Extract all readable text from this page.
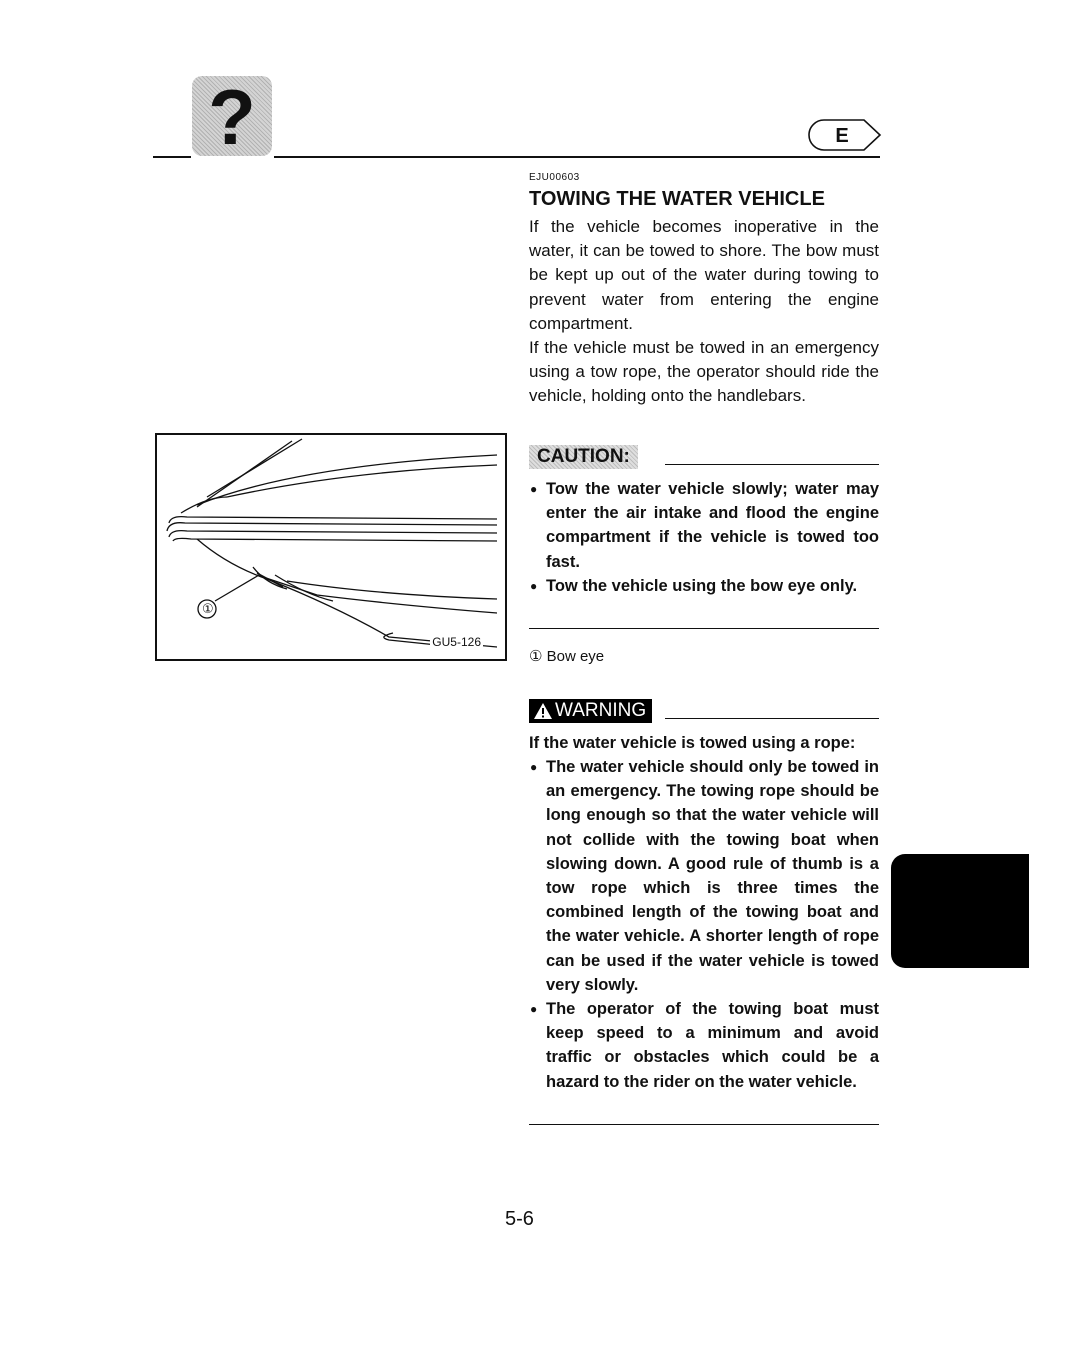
?	E
①
GU5-126
EJU00603
TOWING THE WATER VEHICLE

If the vehicle becomes inoperative in the water, it can be towed to shore. The bow must be kept up out of the water during towing to prevent water from entering the engine compartment.

If the vehicle must be towed in an emergency using a tow rope, the operator should ride the vehicle, holding onto the handlebars.

CAUTION:
● Tow the water vehicle slowly; water may enter the air intake and flood the engine compartment if the vehicle is towed too fast.
● Tow the vehicle using the bow eye only.
① Bow eye
WARNING

If the water vehicle is towed using a rope:

● The water vehicle should only be towed in an emergency. The towing rope should be long enough so that the water vehicle will not collide with the towing boat when slowing down. A good rule of thumb is a tow rope which is three times the combined length of the towing boat and the water vehicle. A shorter length of rope can be used if the water vehicle is towed very slowly.
● The operator of the towing boat must keep speed to a minimum and avoid traffic or obstacles which could be a hazard to the rider on the water vehicle.
5-6
